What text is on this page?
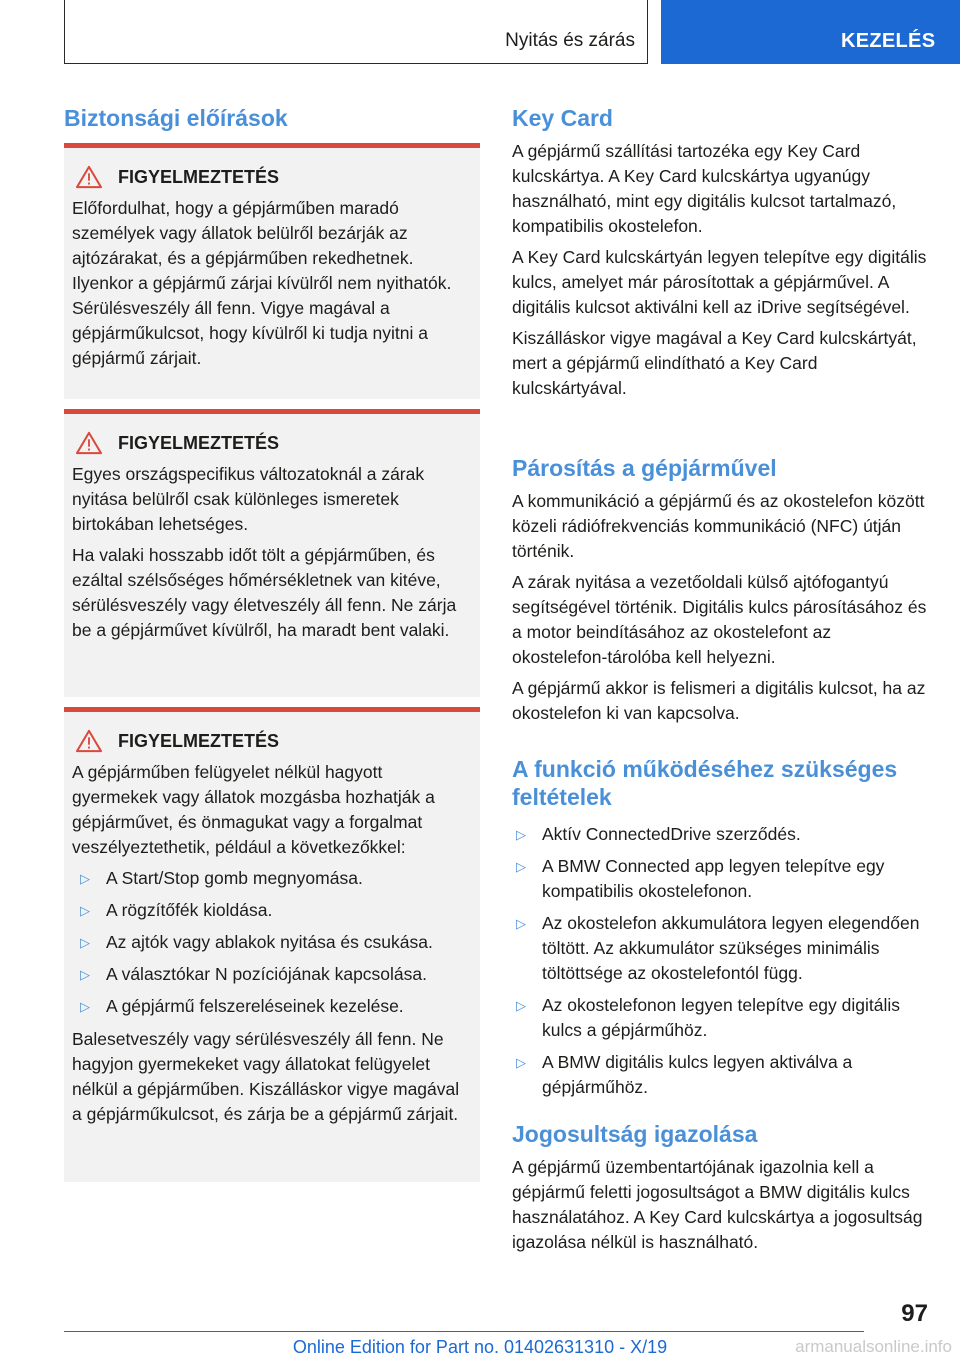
Nyitás és zárás	KEZELÉS
Biztonsági előírások
FIGYELMEZTETÉS

Előfordulhat, hogy a gépjárműben maradó személyek vagy állatok belülről bezárják az ajtózárakat, és a gépjárműben rekedhetnek. Ilyenkor a gépjármű zárjai kívülről nem nyithatók. Sérülésveszély áll fenn. Vigye magával a gépjárműkulcsot, hogy kívülről ki tudja nyitni a gépjármű zárjait.

FIGYELMEZTETÉS

Egyes országspecifikus változatoknál a zárak nyitása belülről csak különleges ismeretek birtokában lehetséges.

Ha valaki hosszabb időt tölt a gépjárműben, és ezáltal szélsőséges hőmérsékletnek van kitéve, sérülésveszély vagy életveszély áll fenn. Ne zárja be a gépjárművet kívülről, ha maradt bent valaki.

FIGYELMEZTETÉS

A gépjárműben felügyelet nélkül hagyott gyermekek vagy állatok mozgásba hozhatják a gépjárművet, és önmagukat vagy a forgalmat veszélyeztethetik, például a következőkkel:

▷ A Start/Stop gomb megnyomása.
▷ A rögzítőfék kioldása.
▷ Az ajtók vagy ablakok nyitása és csukása.
▷ A választókar N pozíciójának kapcsolása.
▷ A gépjármű felszereléseinek kezelése.

Balesetveszély vagy sérülésveszély áll fenn. Ne hagyjon gyermekeket vagy állatokat felügyelet nélkül a gépjárműben. Kiszálláskor vigye magával a gépjárműkulcsot, és zárja be a gépjármű zárjait.

Key Card

A gépjármű szállítási tartozéka egy Key Card kulcskártya. A Key Card kulcskártya ugyanúgy használható, mint egy digitális kulcsot tartalmazó, kompatibilis okostelefon.

A Key Card kulcskártyán legyen telepítve egy digitális kulcs, amelyet már párosítottak a gépjárművel. A digitális kulcsot aktiválni kell az iDrive segítségével.

Kiszálláskor vigye magával a Key Card kulcskártyát, mert a gépjármű elindítható a Key Card kulcskártyával.

Párosítás a gépjárművel

A kommunikáció a gépjármű és az okostelefon között közeli rádiófrekvenciás kommunikáció (NFC) útján történik.

A zárak nyitása a vezetőoldali külső ajtófogantyú segítségével történik. Digitális kulcs párosításához és a motor beindításához az okostelefont az okostelefon-tárolóba kell helyezni.

A gépjármű akkor is felismeri a digitális kulcsot, ha az okostelefon ki van kapcsolva.

A funkció működéséhez szükséges feltételek
▷ Aktív ConnectedDrive szerződés.
▷ A BMW Connected app legyen telepítve egy kompatibilis okostelefonon.
▷ Az okostelefon akkumulátora legyen elegendően töltött. Az akkumulátor szükséges minimális töltöttsége az okostelefontól függ.
▷ Az okostelefonon legyen telepítve egy digitális kulcs a gépjárműhöz.
▷ A BMW digitális kulcs legyen aktiválva a gépjárműhöz.
Jogosultság igazolása

A gépjármű üzembentartójának igazolnia kell a gépjármű feletti jogosultságot a BMW digitális kulcs használatához. A Key Card kulcskártya a jogosultság igazolása nélkül is használható.

97
Online Edition for Part no. 01402631310 - X/19	armanualsonline.info
